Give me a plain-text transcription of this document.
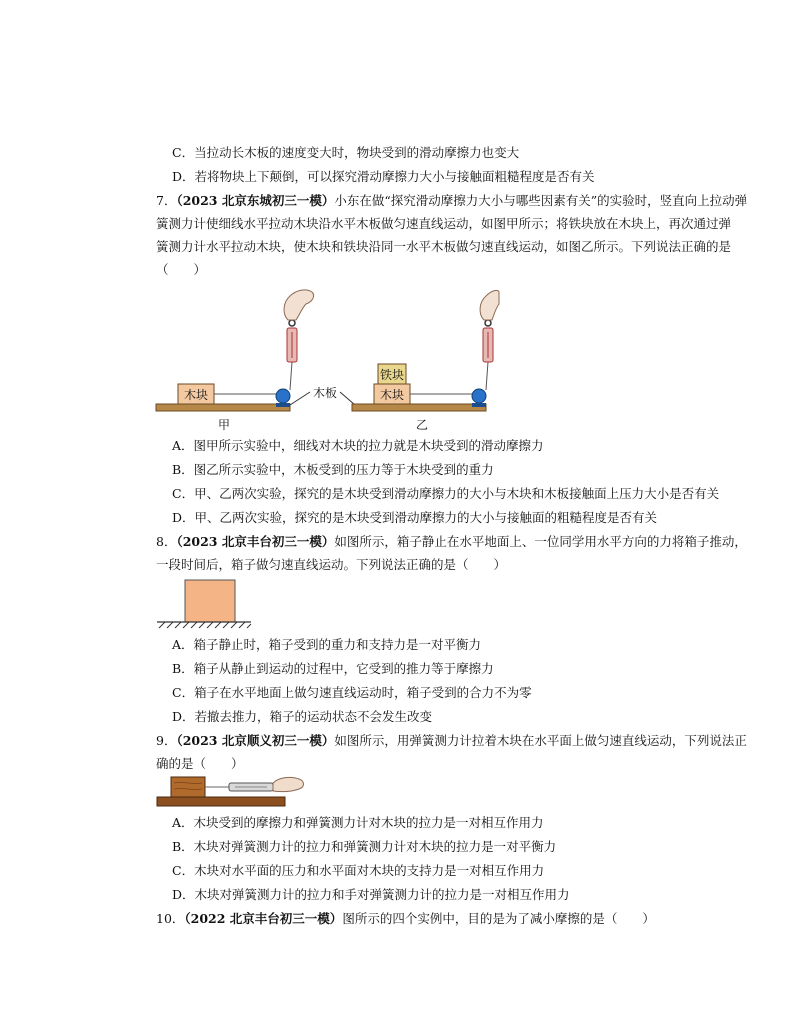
C．当拉动长木板的速度变大时，物块受到的滑动摩擦力也变大
D．若将物块上下颠倒，可以探究滑动摩擦力大小与接触面粗糙程度是否有关
7．（2023 北京东城初三一模）小东在做“探究滑动摩擦力大小与哪些因素有关”的实验时，竖直向上拉动弹
簧测力计使细线水平拉动木块沿水平木板做匀速直线运动，如图甲所示；将铁块放在木块上，再次通过弹
簧测力计水平拉动木块，使木块和铁块沿同一水平木板做匀速直线运动，如图乙所示。下列说法正确的是
（　　）
木块	木板	木块
铁块
甲	乙
A．图甲所示实验中，细线对木块的拉力就是木块受到的滑动摩擦力
B．图乙所示实验中，木板受到的压力等于木块受到的重力
C．甲、乙两次实验，探究的是木块受到滑动摩擦力的大小与木块和木板接触面上压力大小是否有关
D．甲、乙两次实验，探究的是木块受到滑动摩擦力的大小与接触面的粗糙程度是否有关
8．（2023 北京丰台初三一模）如图所示，箱子静止在水平地面上、一位同学用水平方向的力将箱子推动，
一段时间后，箱子做匀速直线运动。下列说法正确的是（　　）
A．箱子静止时，箱子受到的重力和支持力是一对平衡力
B．箱子从静止到运动的过程中，它受到的推力等于摩擦力
C．箱子在水平地面上做匀速直线运动时，箱子受到的合力不为零
D．若撤去推力，箱子的运动状态不会发生改变
9．（2023 北京顺义初三一模）如图所示，用弹簧测力计拉着木块在水平面上做匀速直线运动，下列说法正
确的是（　　）
A．木块受到的摩擦力和弹簧测力计对木块的拉力是一对相互作用力
B．木块对弹簧测力计的拉力和弹簧测力计对木块的拉力是一对平衡力
C．木块对水平面的压力和水平面对木块的支持力是一对相互作用力
D．木块对弹簧测力计的拉力和手对弹簧测力计的拉力是一对相互作用力
10．（2022 北京丰台初三一模）图所示的四个实例中，目的是为了减小摩擦的是（　　）
